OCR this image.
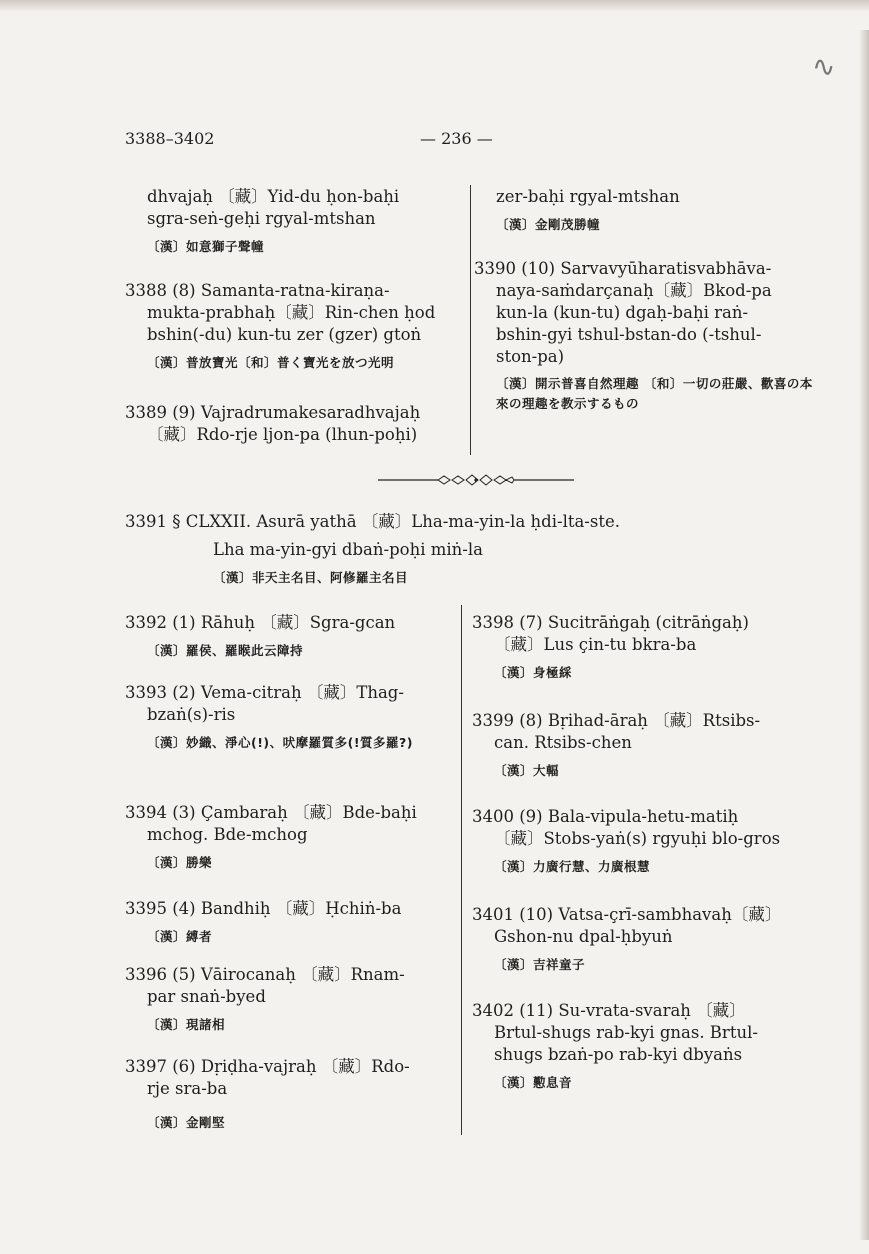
∿
3388–3402	— 236 —
dhvajaḥ 〔藏〕Yid-du ḥon-baḥi
sgra-seṅ-geḥi rgyal-mtshan
〔漢〕如意獅子聲幢
3388 (8) Samanta-ratna-kiraṇa-
mukta-prabhaḥ〔藏〕Rin-chen ḥod
bshin(-du) kun-tu zer (gzer) gtoṅ
〔漢〕普放寶光〔和〕普く寶光を放つ光明
3389 (9) Vajradrumakesaradhvajaḥ
〔藏〕Rdo-rje ljon-pa (lhun-poḥi)
zer-baḥi rgyal-mtshan
〔漢〕金剛茂勝幢
3390 (10) Sarvavyūharatisvabhāva-
naya-saṁdarçanaḥ〔藏〕Bkod-pa
kun-la (kun-tu) dgaḥ-baḥi raṅ-
bshin-gyi tshul-bstan-do (-tshul-
ston-pa)
〔漢〕開示普喜自然理趣 〔和〕一切の莊嚴、歡喜の本來の理趣を教示するもの
3391 § CLXXII. Asurā yathā 〔藏〕Lha-ma-yin-la ḥdi-lta-ste.
Lha ma-yin-gyi dbaṅ-poḥi miṅ-la
〔漢〕非天主名目、阿修羅主名目
3392 (1) Rāhuḥ 〔藏〕Sgra-gcan
〔漢〕羅侯、羅睺此云障持
3393 (2) Vema-citraḥ 〔藏〕Thag-
bzaṅ(s)-ris
〔漢〕妙織、淨心(!)、吠摩羅質多(!質多羅?)
3394 (3) Çambaraḥ 〔藏〕Bde-baḥi
mchog. Bde-mchog
〔漢〕勝樂
3395 (4) Bandhiḥ 〔藏〕Ḥchiṅ-ba
〔漢〕縛者
3396 (5) Vāirocanaḥ 〔藏〕Rnam-
par snaṅ-byed
〔漢〕現諸相
3397 (6) Dṛiḍha-vajraḥ 〔藏〕Rdo-
rje sra-ba
〔漢〕金剛堅
3398 (7) Sucitrāṅgaḥ (citrāṅgaḥ)
〔藏〕Lus çin-tu bkra-ba
〔漢〕身極綵
3399 (8) Bṛihad-āraḥ 〔藏〕Rtsibs-
can. Rtsibs-chen
〔漢〕大輻
3400 (9) Bala-vipula-hetu-matiḥ
〔藏〕Stobs-yaṅ(s) rgyuḥi blo-gros
〔漢〕力廣行慧、力廣根慧
3401 (10) Vatsa-çrī-sambhavaḥ〔藏〕
Gshon-nu dpal-ḥbyuṅ
〔漢〕吉祥童子
3402 (11) Su-vrata-svaraḥ 〔藏〕
Brtul-shugs rab-kyi gnas. Brtul-
shugs bzaṅ-po rab-kyi dbyaṅs
〔漢〕懃息音
